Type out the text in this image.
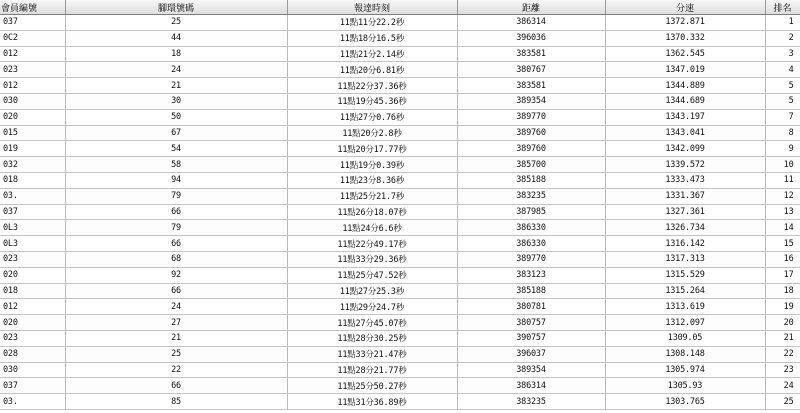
會員編號	腳環號碼	報達時刻	距離	分速	排名
037	25	11點11分22.2秒	386314	1372.871	1
0C2	44	11點18分16.5秒	396036	1370.332	2
012	18	11點21分2.14秒	383581	1362.545	3
023	24	11點20分6.81秒	380767	1347.019	4
012	21	11點22分37.36秒	383581	1344.889	5
030	30	11點19分45.36秒	389354	1344.689	5
020	50	11點27分0.76秒	389770	1343.197	7
015	67	11點20分2.8秒	389760	1343.041	8
019	54	11點20分17.77秒	389760	1342.099	9
032	58	11點19分0.39秒	385700	1339.572	10
018	94	11點23分8.36秒	385188	1333.473	11
03.	79	11點25分21.7秒	383235	1331.367	12
037	66	11點26分18.07秒	387985	1327.361	13
0L3	79	11點24分6.6秒	386330	1326.734	14
0L3	66	11點22分49.17秒	386330	1316.142	15
023	68	11點33分29.36秒	389770	1317.313	16
020	92	11點25分47.52秒	383123	1315.529	17
018	66	11點27分25.3秒	385188	1315.264	18
012	24	11點29分24.7秒	380781	1313.619	19
020	27	11點27分45.07秒	380757	1312.097	20
023	21	11點28分30.25秒	390757	1309.05	21
028	25	11點33分21.47秒	396037	1308.148	22
030	22	11點28分21.77秒	389354	1305.974	23
037	66	11點25分50.27秒	386314	1305.93	24
03.	85	11點31分36.89秒	383235	1303.765	25
